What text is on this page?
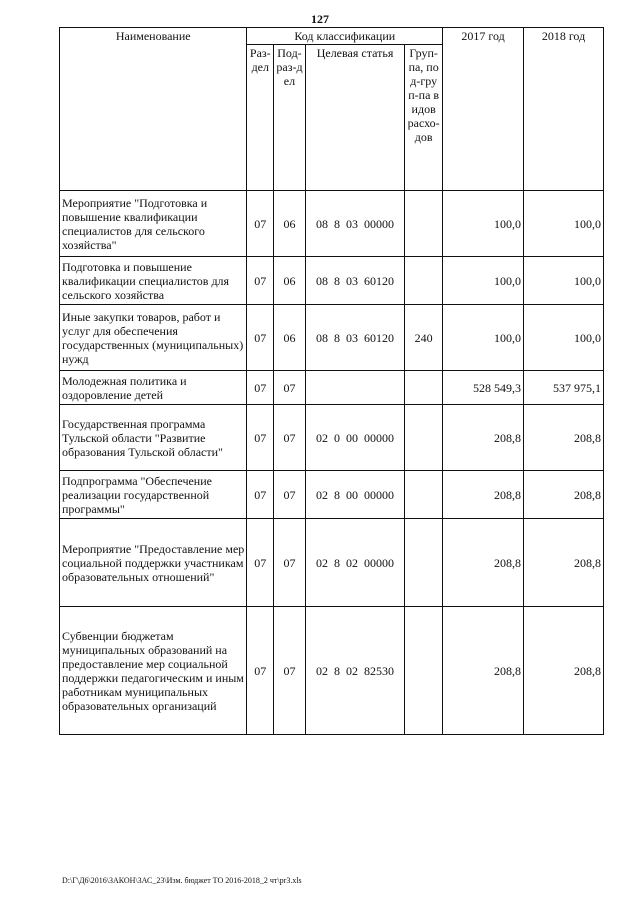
127
Наименование	Код классификации				2017 год	2018 год

	Раз-дел	Под-раз-дел	Целевая статья	Груп-па, под-груп-па видов расхо-дов		

Мероприятие "Подготовка и повышение квалификации специалистов для сельского хозяйства"	07	06	08  8  03  00000		100,0	100,0
Подготовка и повышение квалификации специалистов для сельского хозяйства	07	06	08  8  03  60120		100,0	100,0
Иные закупки товаров, работ и услуг для обеспечения государственных (муниципальных) нужд	07	06	08  8  03  60120	240	100,0	100,0
Молодежная политика и оздоровление детей	07	07			528 549,3	537 975,1
Государственная программа Тульской области "Развитие образования Тульской области"	07	07	02  0  00  00000		208,8	208,8
Подпрограмма "Обеспечение реализации государственной программы"	07	07	02  8  00  00000		208,8	208,8
Мероприятие "Предоставление мер социальной поддержки участникам образовательных отношений"	07	07	02  8  02  00000		208,8	208,8
Субвенции бюджетам муниципальных образований на предоставление мер социальной поддержки педагогическим и иным работникам муниципальных образовательных организаций	07	07	02  8  02  82530		208,8	208,8
D:\Г\Д6\2016\ЗАКОН\ЗАС_23\Изм. бюджет ТО 2016-2018_2 чт\pr3.xls
